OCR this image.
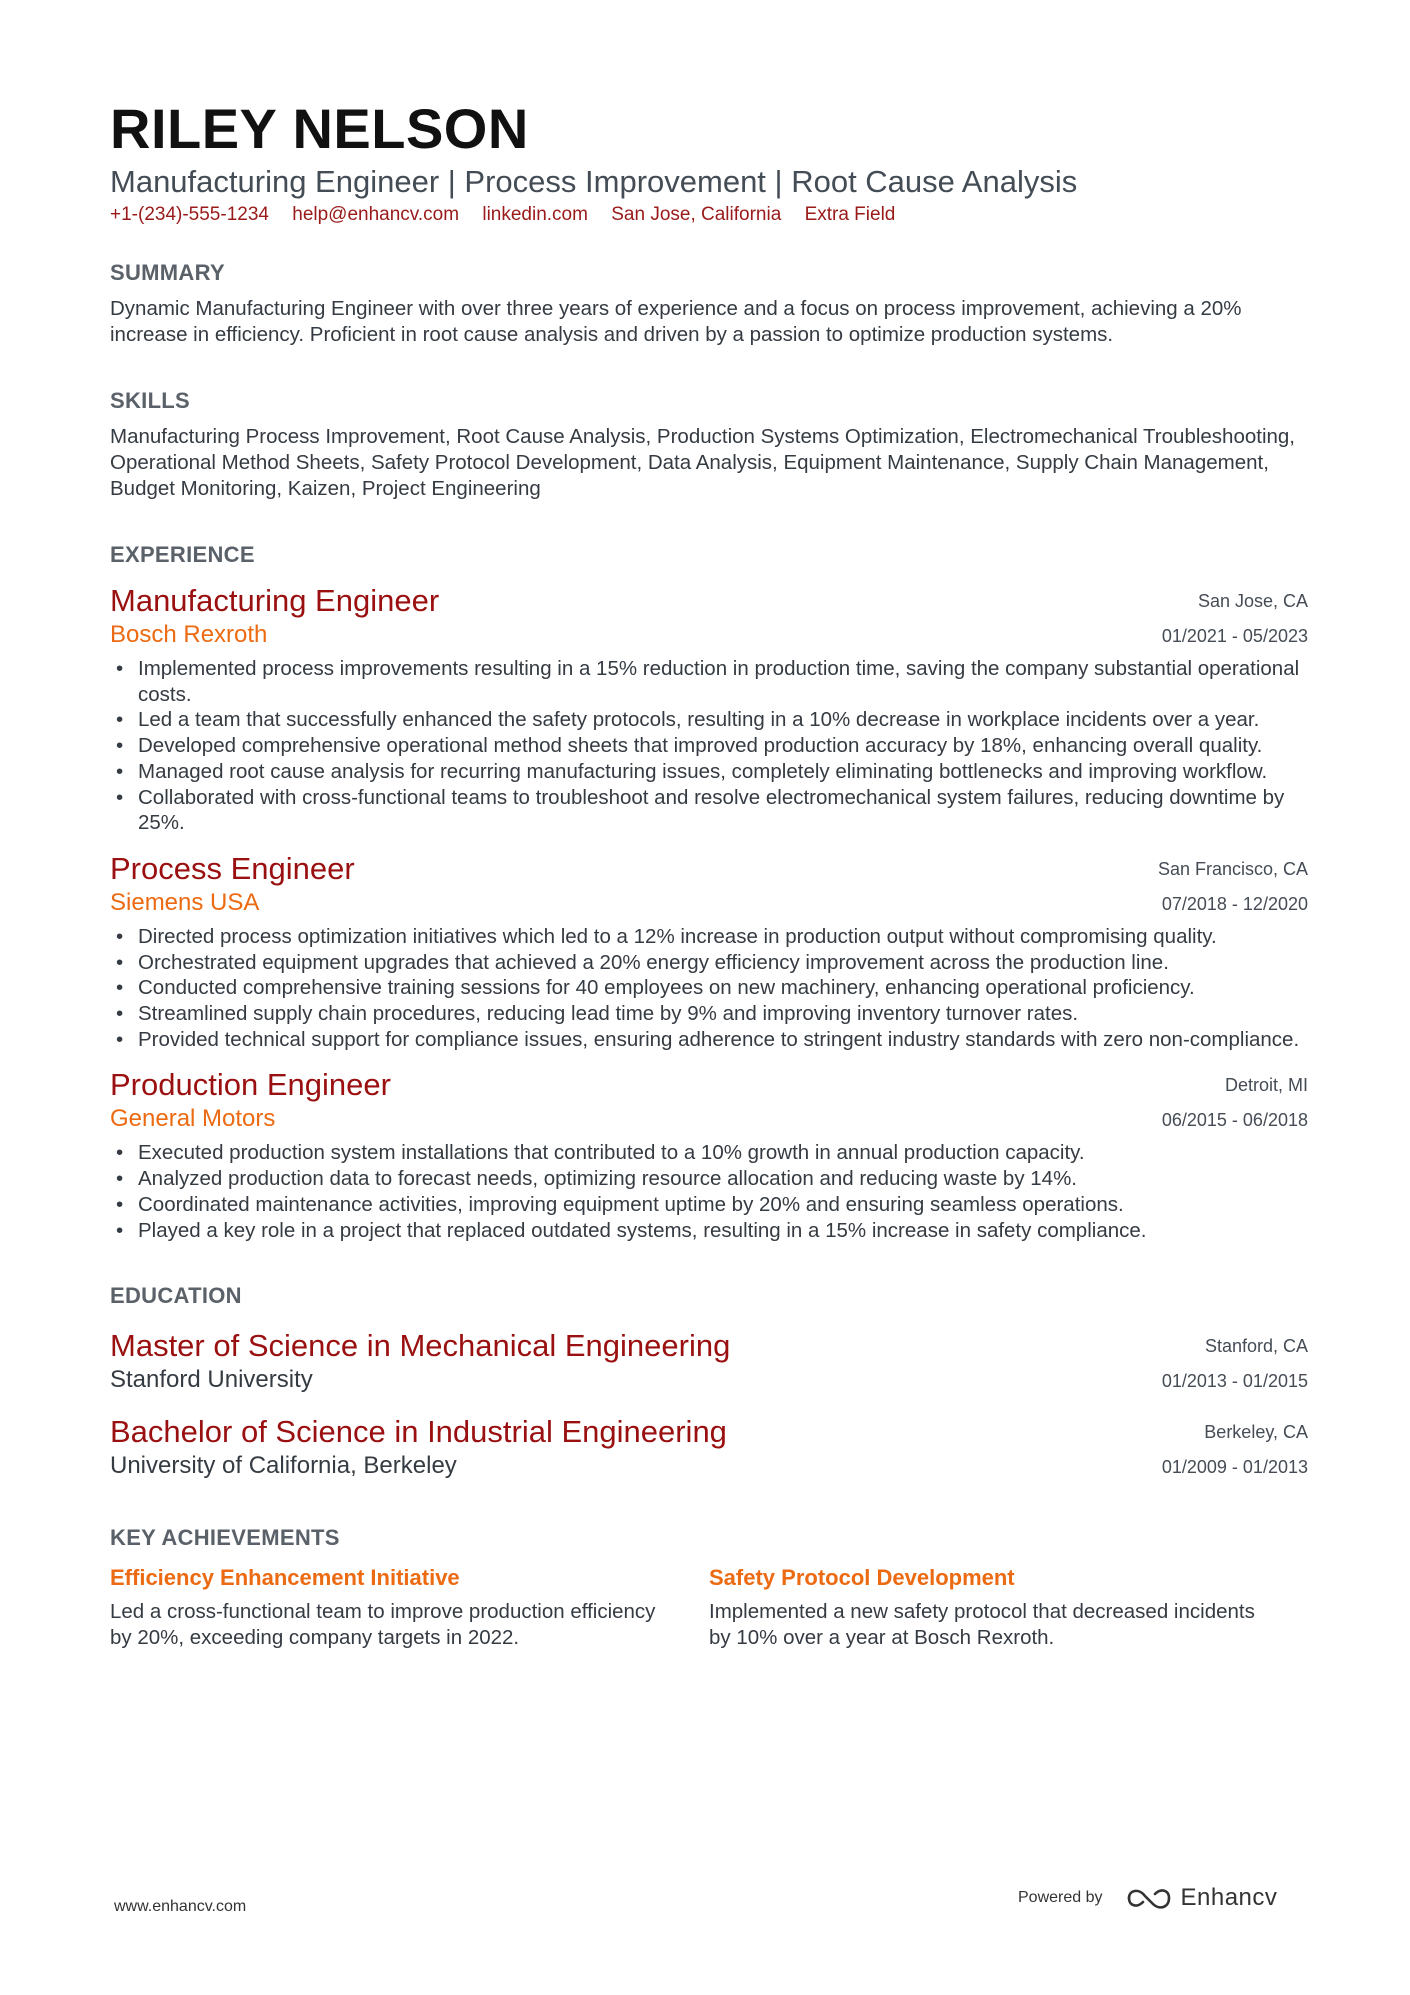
RILEY NELSON
Manufacturing Engineer | Process Improvement | Root Cause Analysis
+1-(234)-555-1234 help@enhancv.com linkedin.com San Jose, California Extra Field
SUMMARY
Dynamic Manufacturing Engineer with over three years of experience and a focus on process improvement, achieving a 20% increase in efficiency. Proficient in root cause analysis and driven by a passion to optimize production systems.
SKILLS
Manufacturing Process Improvement, Root Cause Analysis, Production Systems Optimization, Electromechanical Troubleshooting, Operational Method Sheets, Safety Protocol Development, Data Analysis, Equipment Maintenance, Supply Chain Management, Budget Monitoring, Kaizen, Project Engineering
EXPERIENCE
Manufacturing Engineer
Bosch Rexroth
San Jose, CA
01/2021 - 05/2023
• Implemented process improvements resulting in a 15% reduction in production time, saving the company substantial operational costs.
• Led a team that successfully enhanced the safety protocols, resulting in a 10% decrease in workplace incidents over a year.
• Developed comprehensive operational method sheets that improved production accuracy by 18%, enhancing overall quality.
• Managed root cause analysis for recurring manufacturing issues, completely eliminating bottlenecks and improving workflow.
• Collaborated with cross-functional teams to troubleshoot and resolve electromechanical system failures, reducing downtime by 25%.
Process Engineer
Siemens USA
San Francisco, CA
07/2018 - 12/2020
• Directed process optimization initiatives which led to a 12% increase in production output without compromising quality.
• Orchestrated equipment upgrades that achieved a 20% energy efficiency improvement across the production line.
• Conducted comprehensive training sessions for 40 employees on new machinery, enhancing operational proficiency.
• Streamlined supply chain procedures, reducing lead time by 9% and improving inventory turnover rates.
• Provided technical support for compliance issues, ensuring adherence to stringent industry standards with zero non-compliance.
Production Engineer
General Motors
Detroit, MI
06/2015 - 06/2018
• Executed production system installations that contributed to a 10% growth in annual production capacity.
• Analyzed production data to forecast needs, optimizing resource allocation and reducing waste by 14%.
• Coordinated maintenance activities, improving equipment uptime by 20% and ensuring seamless operations.
• Played a key role in a project that replaced outdated systems, resulting in a 15% increase in safety compliance.
EDUCATION
Master of Science in Mechanical Engineering
Stanford University
Stanford, CA
01/2013 - 01/2015
Bachelor of Science in Industrial Engineering
University of California, Berkeley
Berkeley, CA
01/2009 - 01/2013
KEY ACHIEVEMENTS
Efficiency Enhancement Initiative
Led a cross-functional team to improve production efficiency by 20%, exceeding company targets in 2022.
Safety Protocol Development
Implemented a new safety protocol that decreased incidents by 10% over a year at Bosch Rexroth.
www.enhancv.com
Powered by	Enhancv
